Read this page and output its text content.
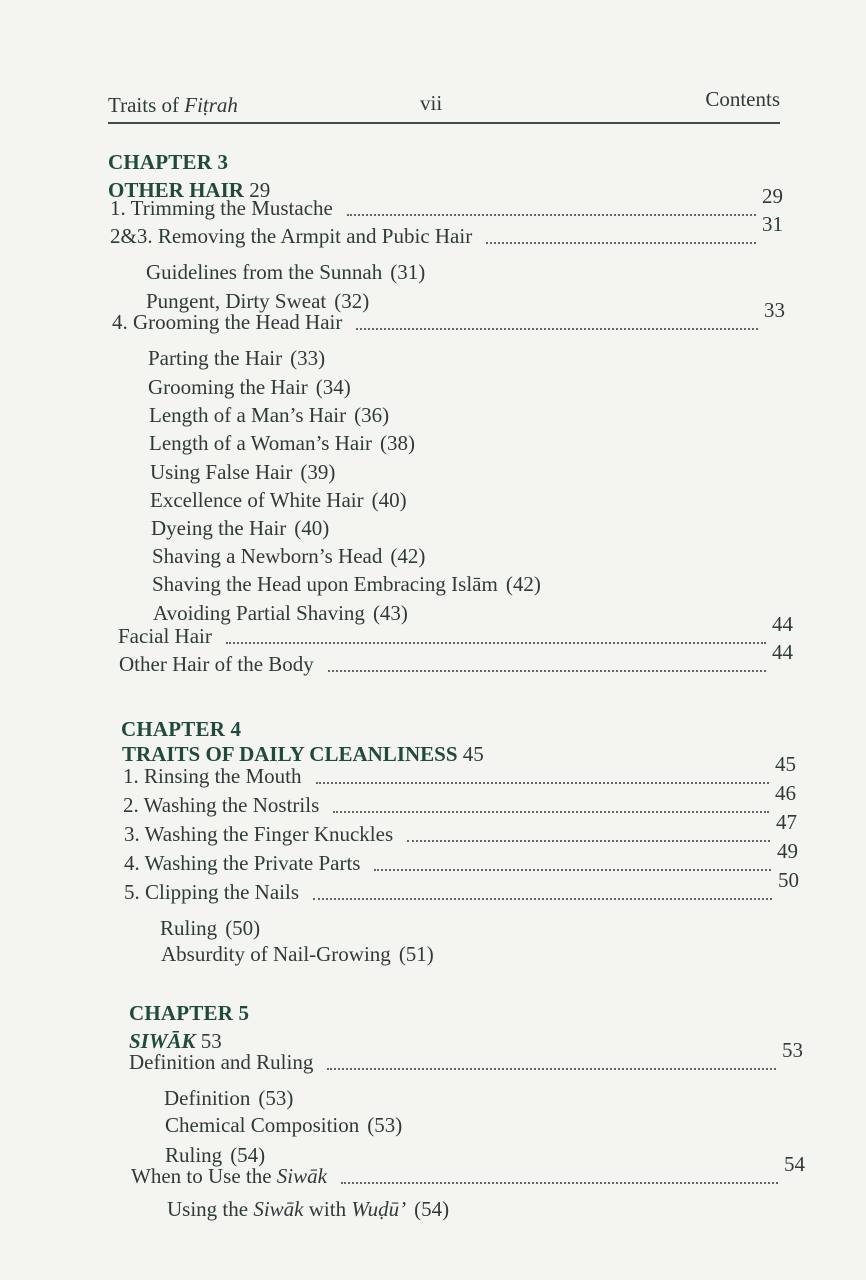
Traits of Fiṭrah	vii	Contents
CHAPTER 3
OTHER HAIR 29
1. Trimming the Mustache	29
2&3. Removing the Armpit and Pubic Hair	31
Guidelines from the Sunnah (31)
Pungent, Dirty Sweat (32)
4. Grooming the Head Hair	33
Parting the Hair (33)
Grooming the Hair (34)
Length of a Man’s Hair (36)
Length of a Woman’s Hair (38)
Using False Hair (39)
Excellence of White Hair (40)
Dyeing the Hair (40)
Shaving a Newborn’s Head (42)
Shaving the Head upon Embracing Islām (42)
Avoiding Partial Shaving (43)
Facial Hair	44
Other Hair of the Body	44
CHAPTER 4
TRAITS OF DAILY CLEANLINESS 45
1. Rinsing the Mouth	45
2. Washing the Nostrils	46
3. Washing the Finger Knuckles	47
4. Washing the Private Parts	49
5. Clipping the Nails	50
Ruling (50)
Absurdity of Nail-Growing (51)
CHAPTER 5
SIWĀK 53
Definition and Ruling	53
Definition (53)
Chemical Composition (53)
Ruling (54)
When to Use the Siwāk	54
Using the Siwāk with Wuḍū’ (54)
